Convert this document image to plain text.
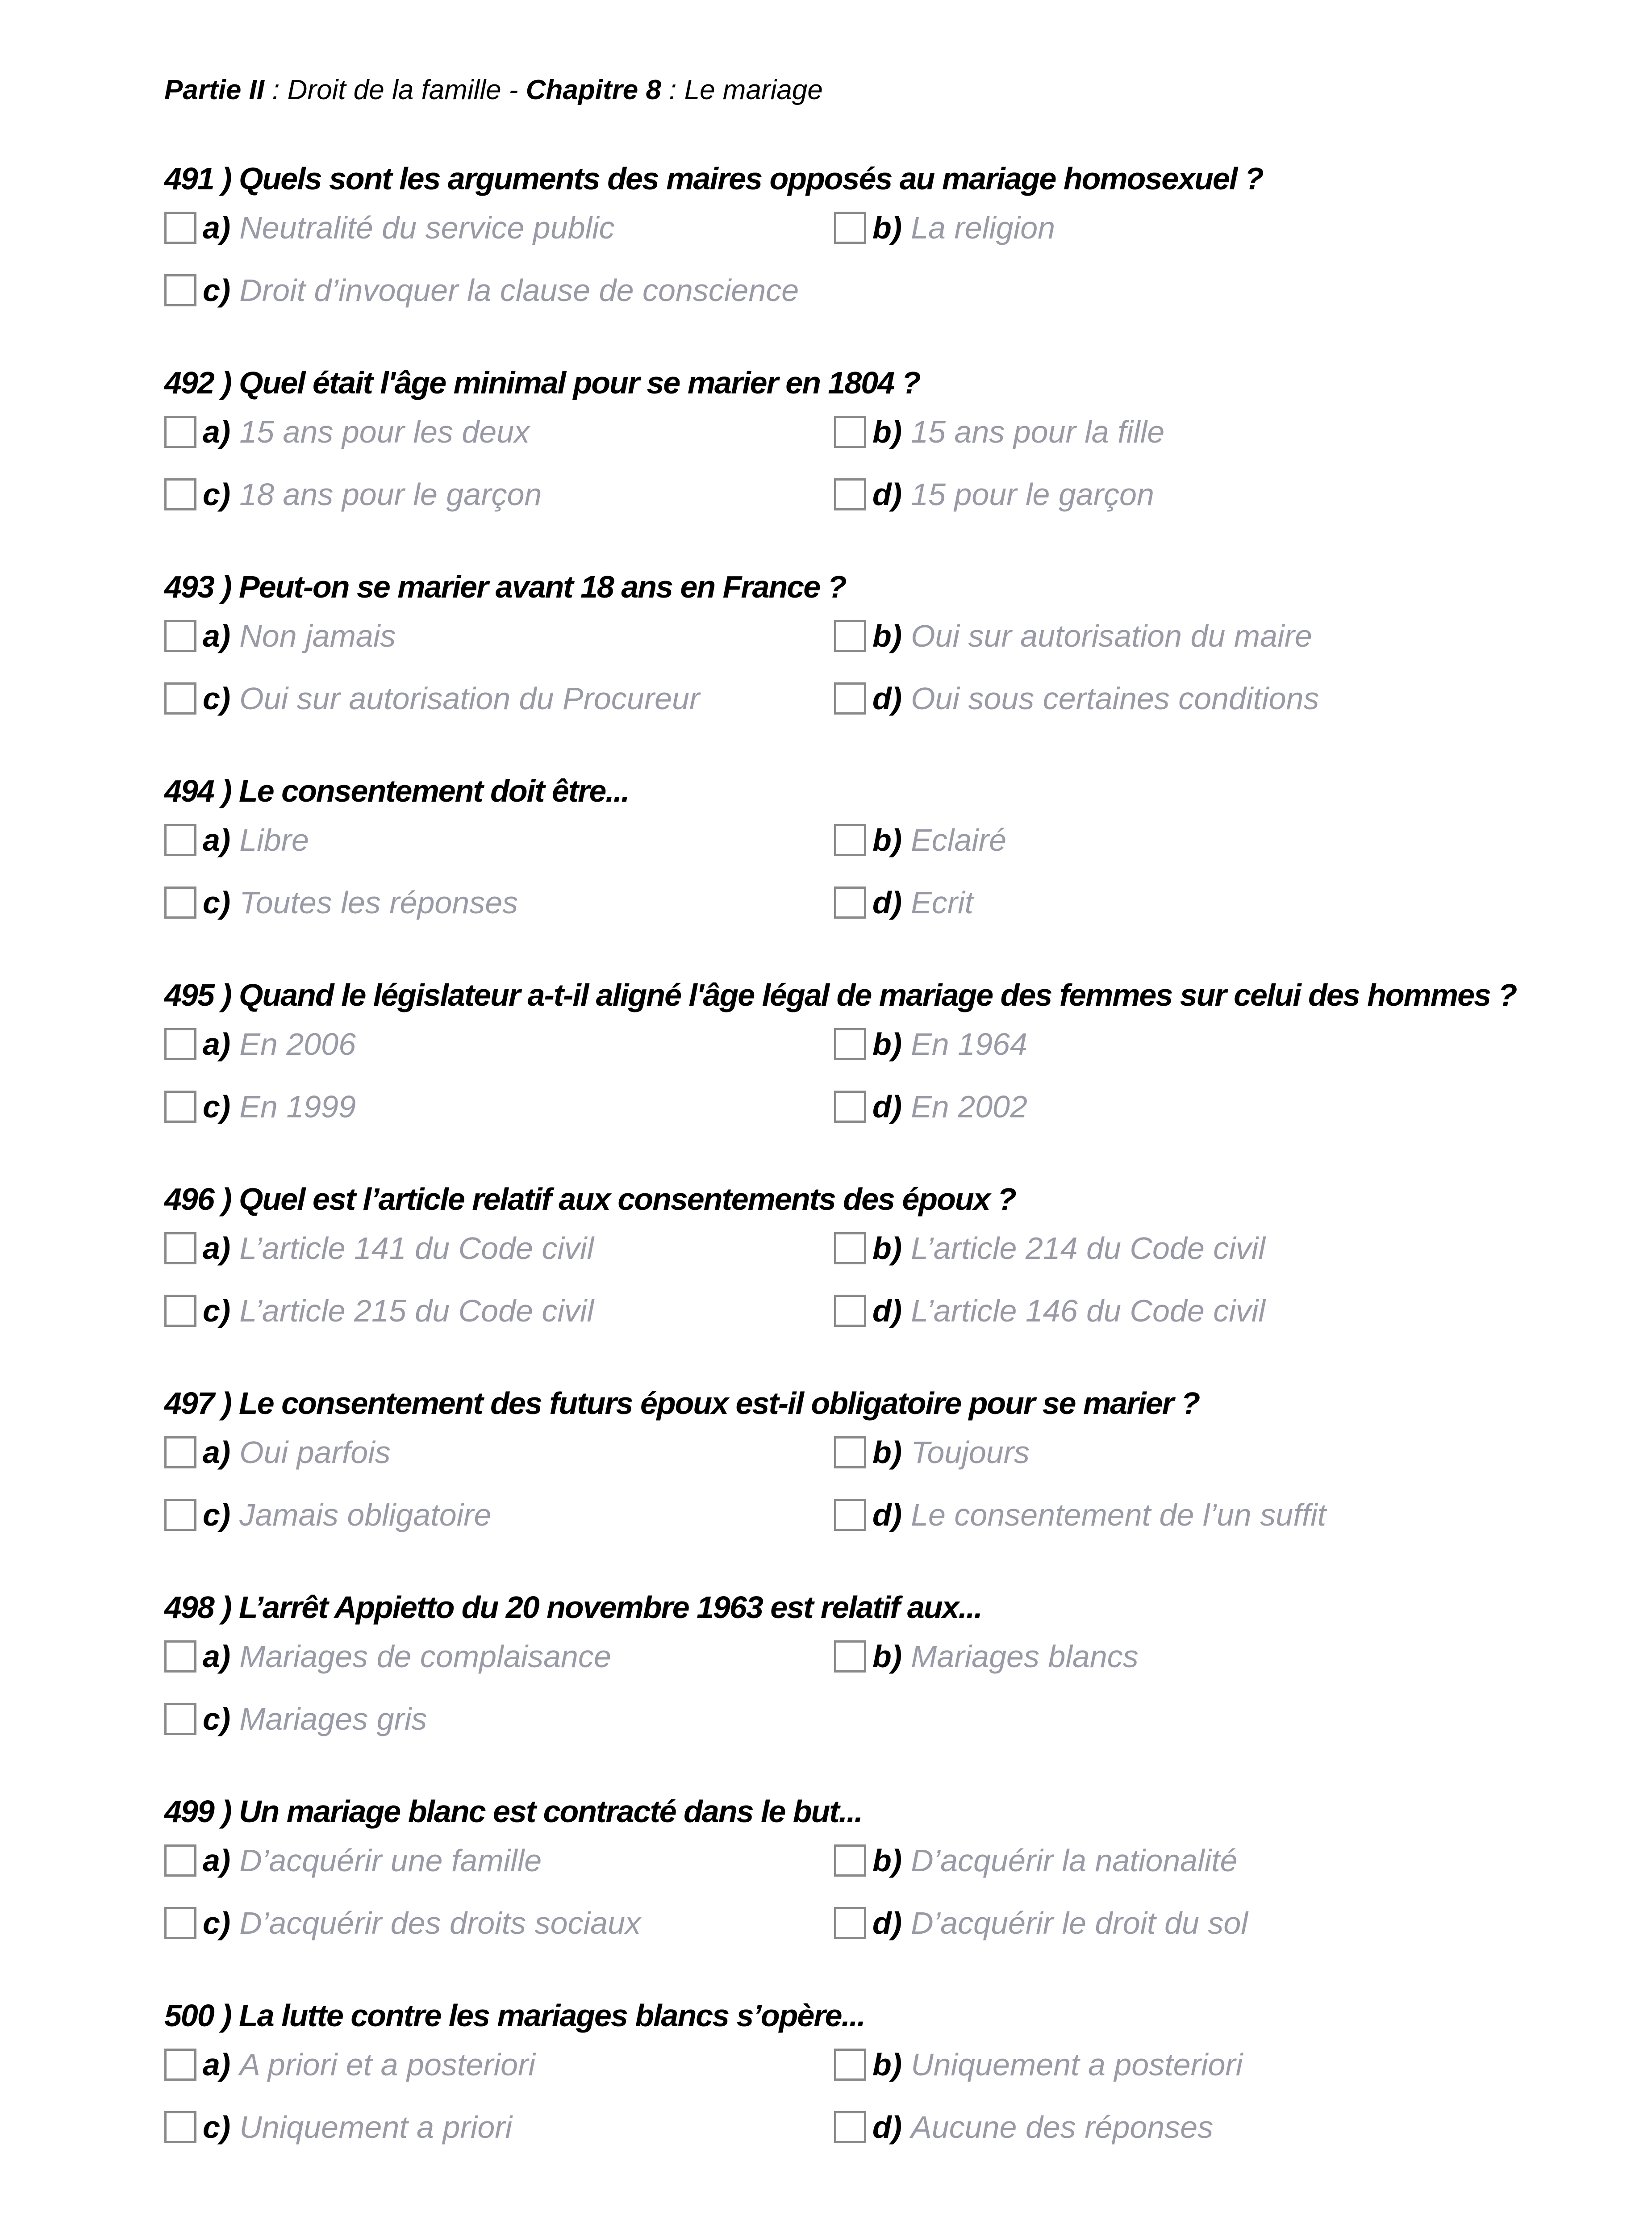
Partie II : Droit de la famille - Chapitre 8 : Le mariage
491 ) Quels sont les arguments des maires opposés au mariage homosexuel ?
a) Neutralité du service public	b) La religion
c) Droit d’invoquer la clause de conscience
492 ) Quel était l'âge minimal pour se marier en 1804 ?
a) 15 ans pour les deux	b) 15 ans pour la fille
c) 18 ans pour le garçon	d) 15 pour le garçon
493 ) Peut-on se marier avant 18 ans en France ?
a) Non jamais	b) Oui sur autorisation du maire
c) Oui sur autorisation du Procureur	d) Oui sous certaines conditions
494 ) Le consentement doit être...
a) Libre	b) Eclairé
c) Toutes les réponses	d) Ecrit
495 ) Quand le législateur a-t-il aligné l'âge légal de mariage des femmes sur celui des hommes ?
a) En 2006	b) En 1964
c) En 1999	d) En 2002
496 ) Quel est l’article relatif aux consentements des époux ?
a) L’article 141 du Code civil	b) L’article 214 du Code civil
c) L’article 215 du Code civil	d) L’article 146 du Code civil
497 ) Le consentement des futurs époux est-il obligatoire pour se marier ?
a) Oui parfois	b) Toujours
c) Jamais obligatoire	d) Le consentement de l’un suffit
498 ) L’arrêt Appietto du 20 novembre 1963 est relatif aux...
a) Mariages de complaisance	b) Mariages blancs
c) Mariages gris
499 ) Un mariage blanc est contracté dans le but...
a) D’acquérir une famille	b) D’acquérir la nationalité
c) D’acquérir des droits sociaux	d) D’acquérir le droit du sol
500 ) La lutte contre les mariages blancs s’opère...
a) A priori et a posteriori	b) Uniquement a posteriori
c) Uniquement a priori	d) Aucune des réponses
